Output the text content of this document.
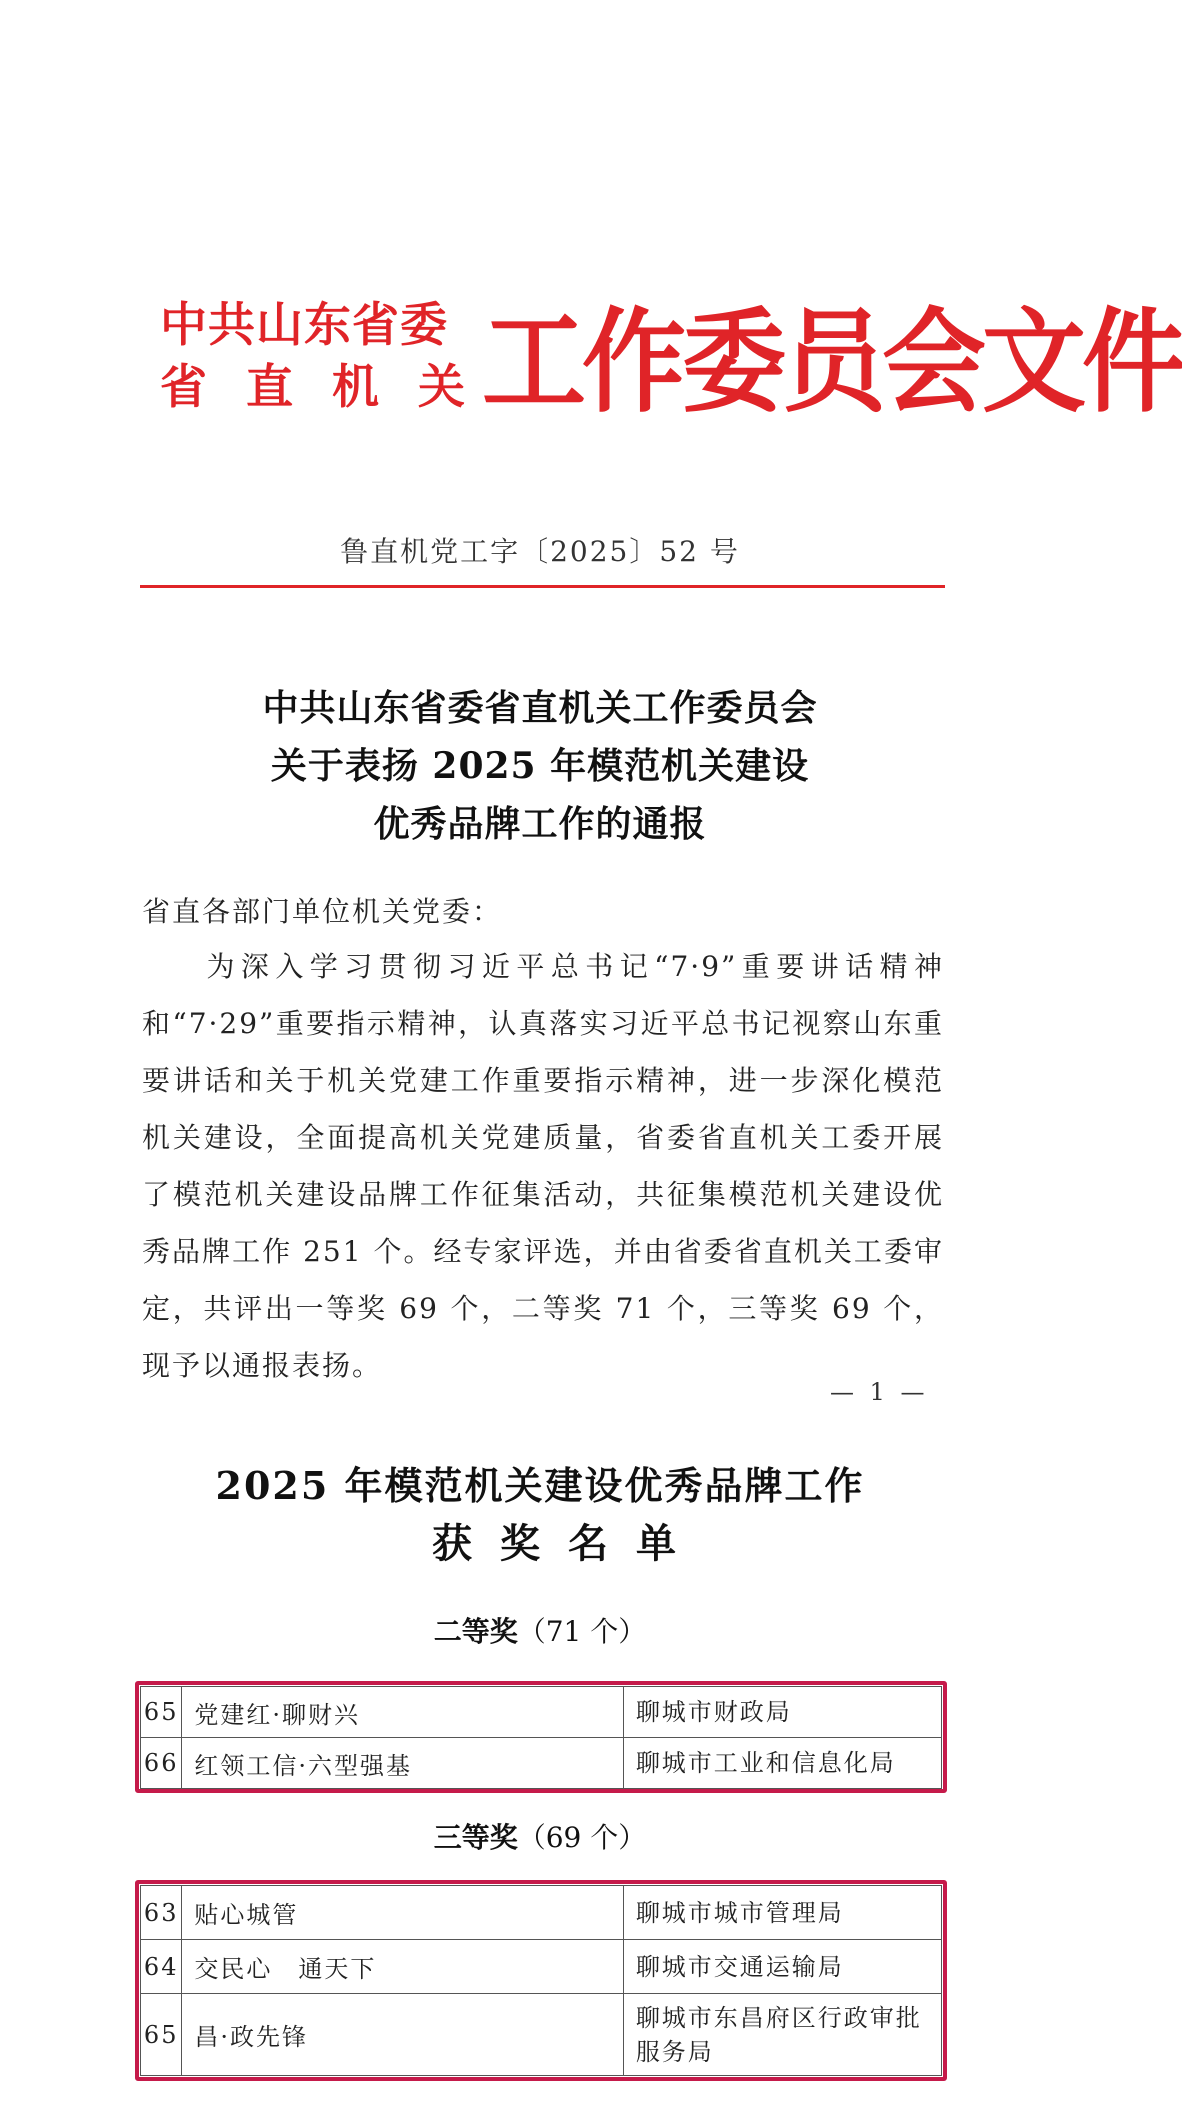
中共山东省委
省 直 机 关 工作委员会文件
鲁直机党工字〔2025〕52 号
中共山东省委省直机关工作委员会
关于表扬 2025 年模范机关建设
优秀品牌工作的通报
省直各部门单位机关党委：
为深入学习贯彻习近平总书记“7·9”重要讲话精神和“7·29”重要指示精神，认真落实习近平总书记视察山东重要讲话和关于机关党建工作重要指示精神，进一步深化模范机关建设，全面提高机关党建质量，省委省直机关工委开展了模范机关建设品牌工作征集活动，共征集模范机关建设优秀品牌工作 251 个。经专家评选，并由省委省直机关工委审定，共评出一等奖 69 个，二等奖 71 个，三等奖 69 个，现予以通报表扬。
— 1 —
2025 年模范机关建设优秀品牌工作
获奖名单
二等奖（71 个）
65	党建红·聊财兴	聊城市财政局
66	红领工信·六型强基	聊城市工业和信息化局
三等奖（69 个）
63	贴心城管	聊城市城市管理局
64	交民心　通天下	聊城市交通运输局
65	昌·政先锋	聊城市东昌府区行政审批服务局
